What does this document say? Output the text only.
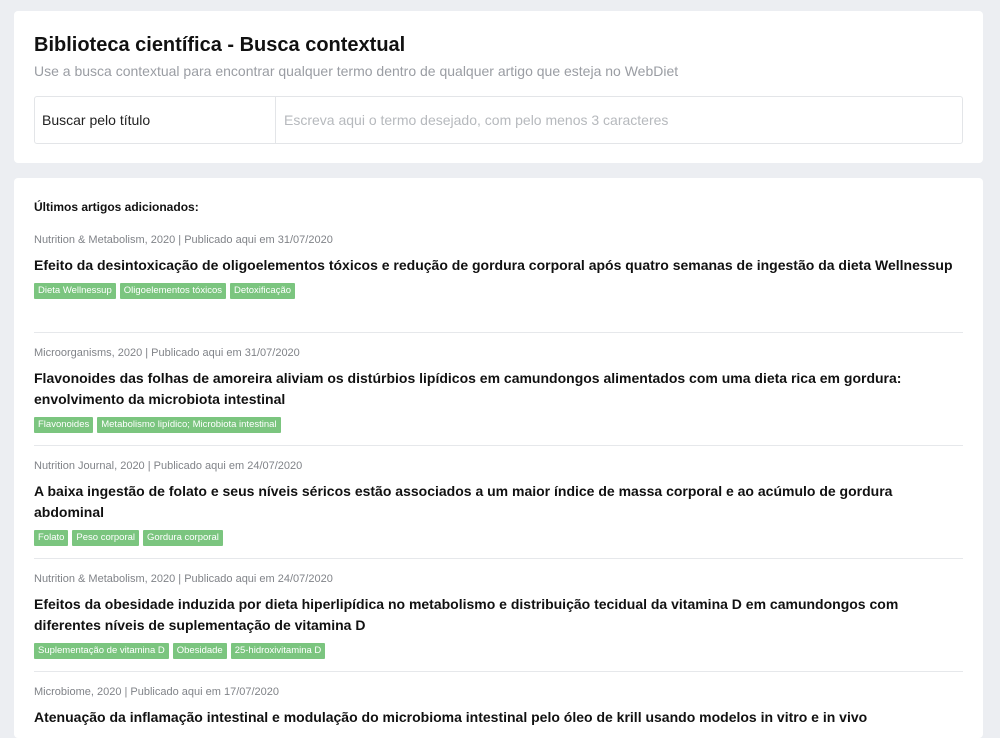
Biblioteca científica - Busca contextual

Use a busca contextual para encontrar qualquer termo dentro de qualquer artigo que esteja no WebDiet

Buscar pelo título
Escreva aqui o termo desejado, com pelo menos 3 caracteres
Últimos artigos adicionados:
Nutrition & Metabolism, 2020 | Publicado aqui em 31/07/2020
Efeito da desintoxicação de oligoelementos tóxicos e redução de gordura corporal após quatro semanas de ingestão da dieta Wellnessup
Dieta Wellnessup	Oligoelementos tóxicos	Detoxificação
Microorganisms, 2020 | Publicado aqui em 31/07/2020
Flavonoides das folhas de amoreira aliviam os distúrbios lipídicos em camundongos alimentados com uma dieta rica em gordura: envolvimento da microbiota intestinal
Flavonoides	Metabolismo lipídico; Microbiota intestinal
Nutrition Journal, 2020 | Publicado aqui em 24/07/2020
A baixa ingestão de folato e seus níveis séricos estão associados a um maior índice de massa corporal e ao acúmulo de gordura abdominal
Folato	Peso corporal	Gordura corporal
Nutrition & Metabolism, 2020 | Publicado aqui em 24/07/2020
Efeitos da obesidade induzida por dieta hiperlipídica no metabolismo e distribuição tecidual da vitamina D em camundongos com diferentes níveis de suplementação de vitamina D
Suplementação de vitamina D	Obesidade	25-hidroxivitamina D
Microbiome, 2020 | Publicado aqui em 17/07/2020
Atenuação da inflamação intestinal e modulação do microbioma intestinal pelo óleo de krill usando modelos in vitro e in vivo
